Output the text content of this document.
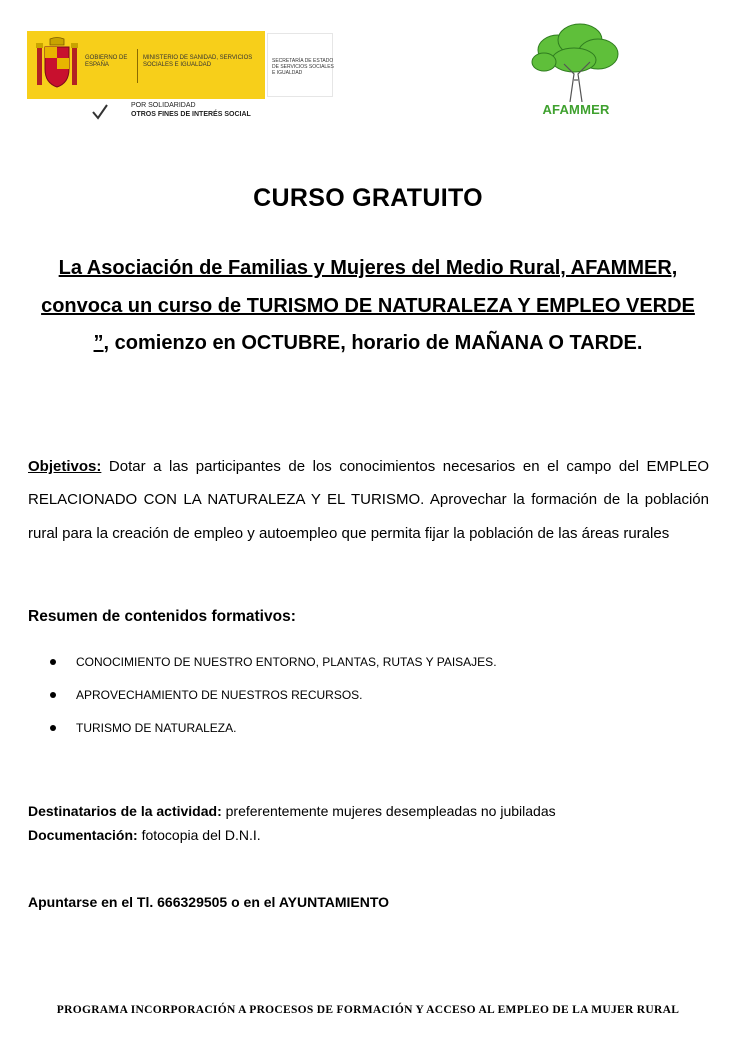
GOBIERNO DE ESPAÑA
MINISTERIO DE SANIDAD, SERVICIOS SOCIALES E IGUALDAD
SECRETARÍA DE ESTADO DE SERVICIOS SOCIALES E IGUALDAD
POR SOLIDARIDAD
OTROS FINES DE INTERÉS SOCIAL	AFAMMER
CURSO GRATUITO
La Asociación de Familias y Mujeres del Medio Rural, AFAMMER, convoca un curso de TURISMO DE NATURALEZA Y EMPLEO VERDE ”, comienzo en OCTUBRE, horario de MAÑANA O TARDE.
Objetivos: Dotar a las participantes de los conocimientos necesarios en el campo del EMPLEO RELACIONADO CON LA NATURALEZA Y EL TURISMO. Aprovechar la formación de la población rural para la creación de empleo y autoempleo que permita fijar la población de las áreas rurales
Resumen de contenidos formativos:
CONOCIMIENTO DE NUESTRO ENTORNO, PLANTAS, RUTAS Y PAISAJES.
APROVECHAMIENTO DE NUESTROS RECURSOS.
TURISMO DE NATURALEZA.
Destinatarios de la actividad: preferentemente mujeres desempleadas no jubiladas
Documentación: fotocopia del D.N.I.
Apuntarse en el Tl. 666329505 o en el AYUNTAMIENTO
PROGRAMA INCORPORACIÓN A PROCESOS DE FORMACIÓN Y ACCESO AL EMPLEO DE LA MUJER RURAL
